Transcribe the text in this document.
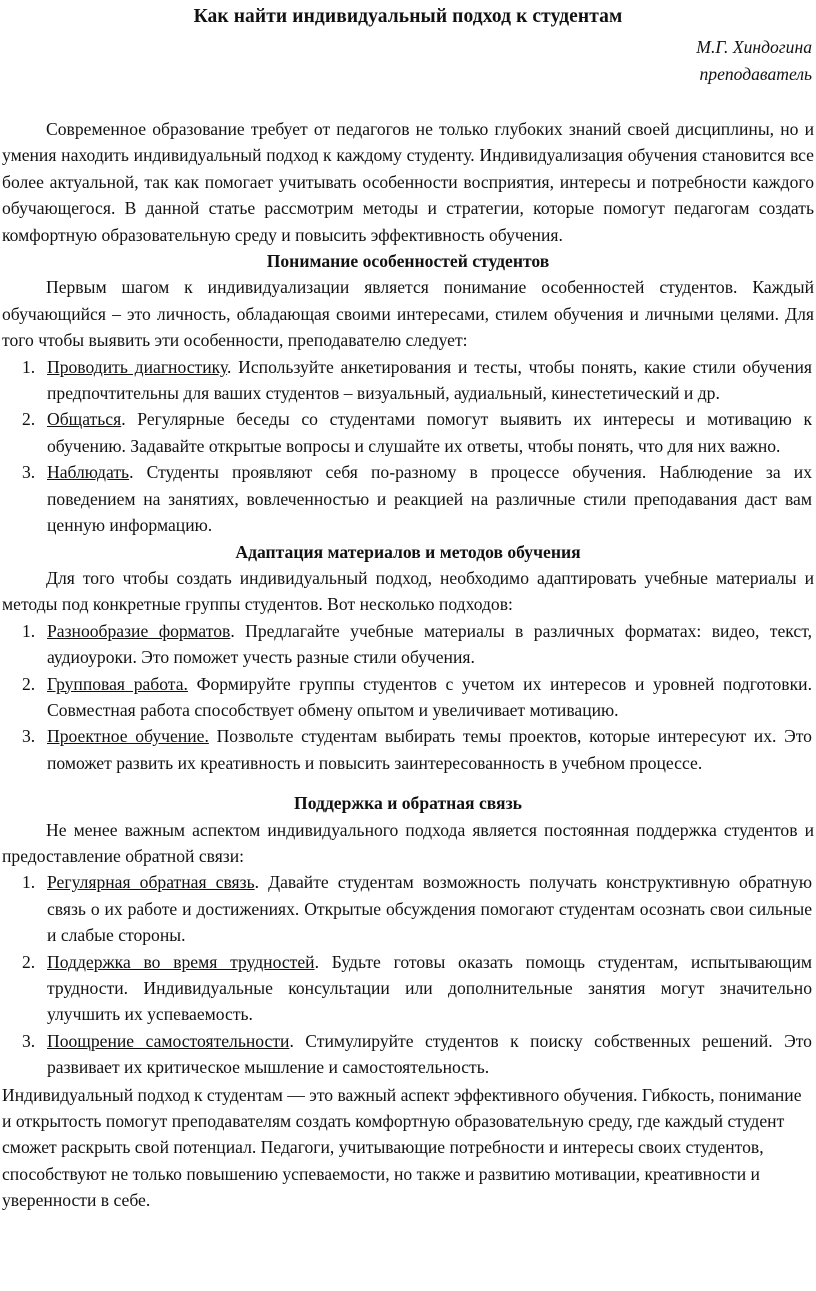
Как найти индивидуальный подход к студентам
М.Г. Хиндогина
преподаватель

Современное образование требует от педагогов не только глубоких знаний своей дисциплины, но и умения находить индивидуальный подход к каждому студенту. Индивидуализация обучения становится все более актуальной, так как помогает учитывать особенности восприятия, интересы и потребности каждого обучающегося. В данной статье рассмотрим методы и стратегии, которые помогут педагогам создать комфортную образовательную среду и повысить эффективность обучения.

Понимание особенностей студентов

Первым шагом к индивидуализации является понимание особенностей студентов. Каждый обучающийся – это личность, обладающая своими интересами, стилем обучения и личными целями. Для того чтобы выявить эти особенности, преподавателю следует:

1. Проводить диагностику. Используйте анкетирования и тесты, чтобы понять, какие стили обучения предпочтительны для ваших студентов – визуальный, аудиальный, кинестетический и др.
2. Общаться. Регулярные беседы со студентами помогут выявить их интересы и мотивацию к обучению. Задавайте открытые вопросы и слушайте их ответы, чтобы понять, что для них важно.
3. Наблюдать. Студенты проявляют себя по-разному в процессе обучения. Наблюдение за их поведением на занятиях, вовлеченностью и реакцией на различные стили преподавания даст вам ценную информацию.
Адаптация материалов и методов обучения

Для того чтобы создать индивидуальный подход, необходимо адаптировать учебные материалы и методы под конкретные группы студентов. Вот несколько подходов:

1. Разнообразие форматов. Предлагайте учебные материалы в различных форматах: видео, текст, аудиоуроки. Это поможет учесть разные стили обучения.
2. Групповая работа. Формируйте группы студентов с учетом их интересов и уровней подготовки. Совместная работа способствует обмену опытом и увеличивает мотивацию.
3. Проектное обучение. Позвольте студентам выбирать темы проектов, которые интересуют их. Это поможет развить их креативность и повысить заинтересованность в учебном процессе.
Поддержка и обратная связь

Не менее важным аспектом индивидуального подхода является постоянная поддержка студентов и предоставление обратной связи:

1. Регулярная обратная связь. Давайте студентам возможность получать конструктивную обратную связь о их работе и достижениях. Открытые обсуждения помогают студентам осознать свои сильные и слабые стороны.
2. Поддержка во время трудностей. Будьте готовы оказать помощь студентам, испытывающим трудности. Индивидуальные консультации или дополнительные занятия могут значительно улучшить их успеваемость.
3. Поощрение самостоятельности. Стимулируйте студентов к поиску собственных решений. Это развивает их критическое мышление и самостоятельность.

Индивидуальный подход к студентам — это важный аспект эффективного обучения. Гибкость, понимание и открытость помогут преподавателям создать комфортную образовательную среду, где каждый студент сможет раскрыть свой потенциал. Педагоги, учитывающие потребности и интересы своих студентов, способствуют не только повышению успеваемости, но также и развитию мотивации, креативности и уверенности в себе.
